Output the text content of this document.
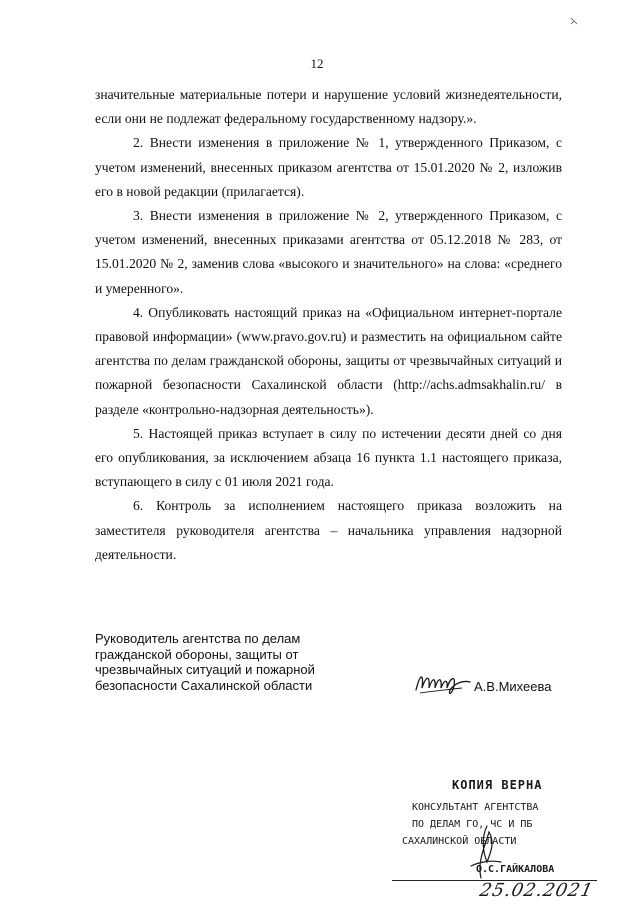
12

значительные материальные потери и нарушение условий жизнедеятельности, если они не подлежат федеральному государственному надзору.».

2. Внести изменения в приложение № 1, утвержденного Приказом, с учетом изменений, внесенных приказом агентства от 15.01.2020 № 2, изложив его в новой редакции (прилагается).

3. Внести изменения в приложение № 2, утвержденного Приказом, с учетом изменений, внесенных приказами агентства от 05.12.2018 № 283, от 15.01.2020 № 2, заменив слова «высокого и значительного» на слова: «среднего и умеренного».

4. Опубликовать настоящий приказ на «Официальном интернет-портале правовой информации» (www.pravo.gov.ru) и разместить на официальном сайте агентства по делам гражданской обороны, защиты от чрезвычайных ситуаций и пожарной безопасности Сахалинской области (http://achs.admsakhalin.ru/ в разделе «контрольно-надзорная деятельность»).

5. Настоящей приказ вступает в силу по истечении десяти дней со дня его опубликования, за исключением абзаца 16 пункта 1.1 настоящего приказа, вступающего в силу с 01 июля 2021 года.

6. Контроль за исполнением настоящего приказа возложить на заместителя руководителя агентства – начальника управления надзорной деятельности.

Руководитель агентства по делам
гражданской обороны, защиты от
чрезвычайных ситуаций и пожарной
безопасности Сахалинской области	А.В.Михеева
КОПИЯ ВЕРНА
КОНСУЛЬТАНТ АГЕНТСТВА
ПО ДЕЛАМ ГО, ЧС И ПБ
САХАЛИНСКОЙ ОБЛАСТИ
О.С.ГАЙКАЛОВА
25.02.2021
